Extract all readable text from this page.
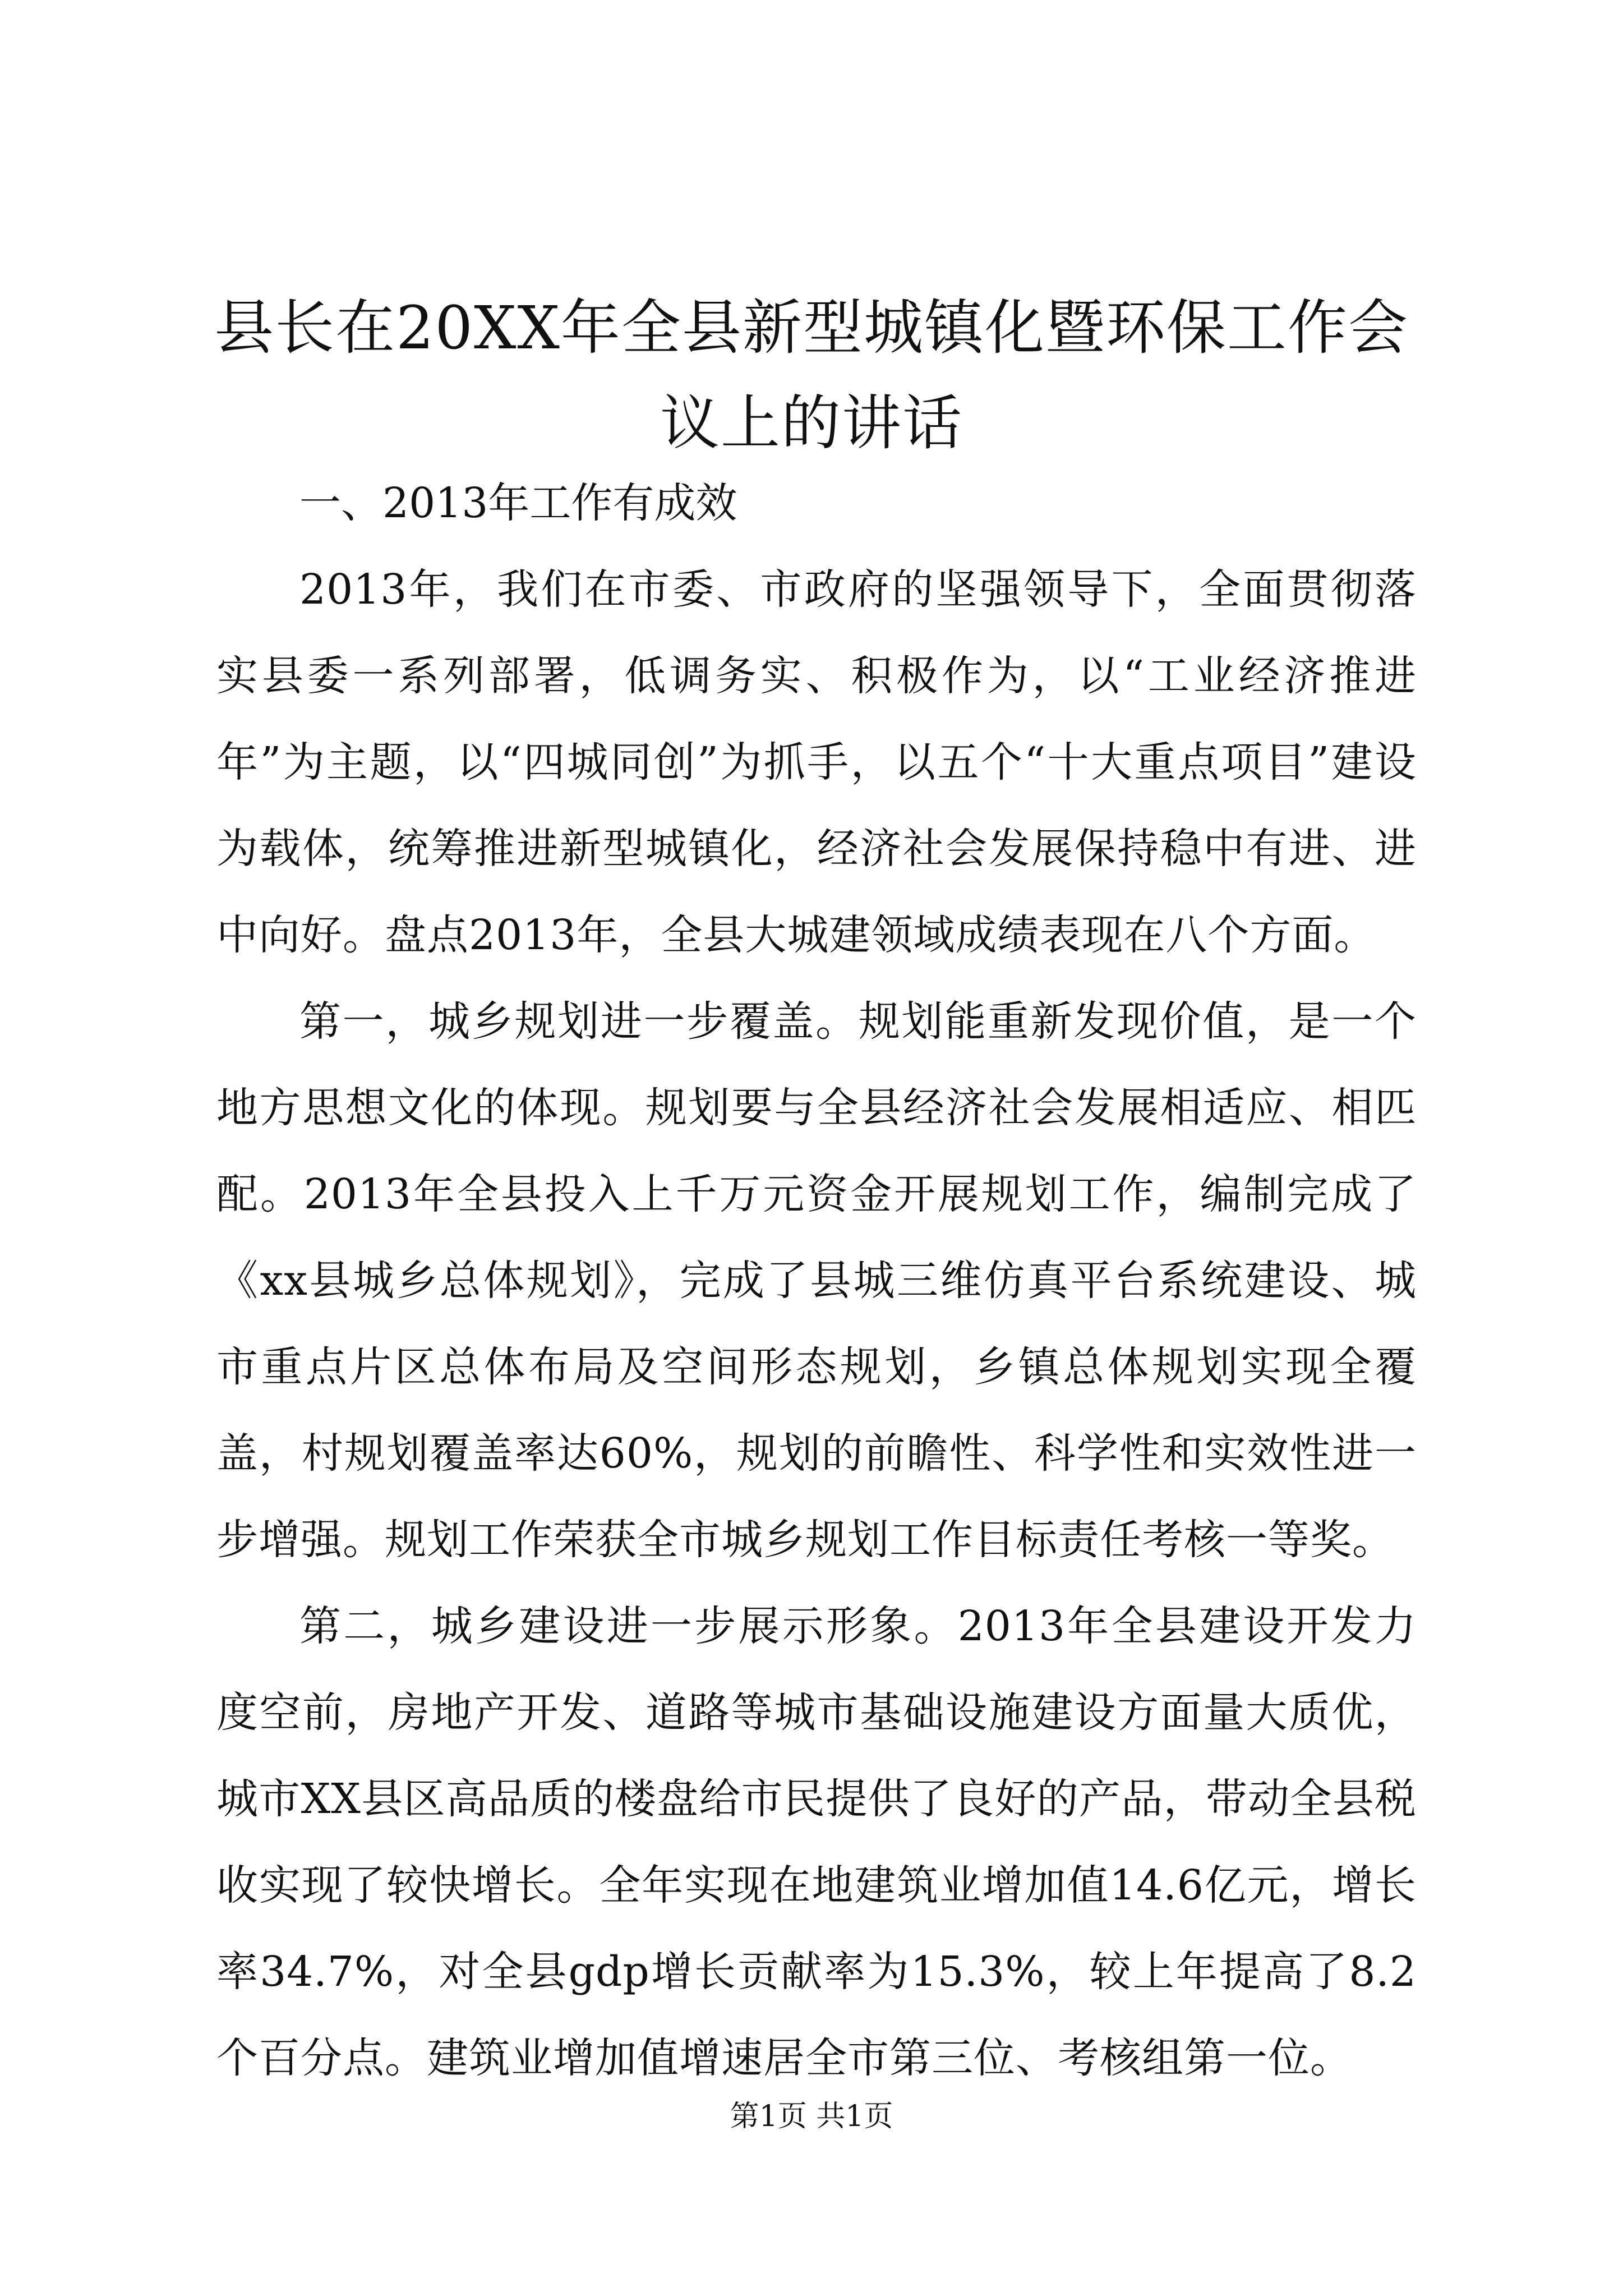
县长在20XX年全县新型城镇化暨环保工作会
议上的讲话

一、2013年工作有成效

2013年，我们在市委、市政府的坚强领导下，全面贯彻落实县委一系列部署，低调务实、积极作为，以“工业经济推进年”为主题，以“四城同创”为抓手，以五个“十大重点项目”建设为载体，统筹推进新型城镇化，经济社会发展保持稳中有进、进中向好。盘点2013年，全县大城建领域成绩表现在八个方面。

第一，城乡规划进一步覆盖。规划能重新发现价值，是一个地方思想文化的体现。规划要与全县经济社会发展相适应、相匹配。2013年全县投入上千万元资金开展规划工作，编制完成了《xx县城乡总体规划》，完成了县城三维仿真平台系统建设、城市重点片区总体布局及空间形态规划，乡镇总体规划实现全覆盖，村规划覆盖率达60%，规划的前瞻性、科学性和实效性进一步增强。规划工作荣获全市城乡规划工作目标责任考核一等奖。

第二，城乡建设进一步展示形象。2013年全县建设开发力度空前，房地产开发、道路等城市基础设施建设方面量大质优，城市XX县区高品质的楼盘给市民提供了良好的产品，带动全县税收实现了较快增长。全年实现在地建筑业增加值14.6亿元，增长率34.7%，对全县gdp增长贡献率为15.3%，较上年提高了8.2个百分点。建筑业增加值增速居全市第三位、考核组第一位。

第1页 共1页
